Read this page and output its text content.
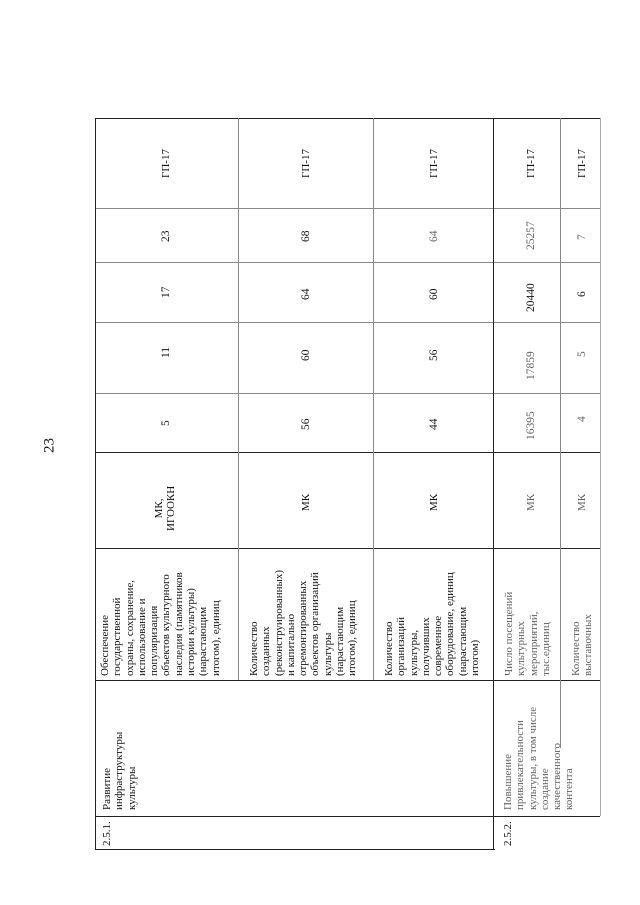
23
2.5.1.
Развитие инфраструктуры культуры
Обеспечение государственной охраны, сохранение, использование и популяризация объектов культурного наследия (памятников истории культуры) (нарастающим итогом), единиц
МК, ИГООКН
5
11
17
23
ГП-17
Количество созданных (реконструированных) и капитально отремонтированных объектов организаций культуры (нарастающим итогом), единиц
МК
56
60
64
68
ГП-17
Количество организаций культуры, получивших современное оборудование, единиц (нарастающим итогом)
МК
44
56
60
64
ГП-17
2.5.2.
Повышение привлекательности культуры, в том числе создание качественного контента
Число посещений культурных мероприятий, тыс.единиц
МК
16395
17859
20440
25257
ГП-17
Количество выставочных
МК
4
5
6
7
ГП-17
